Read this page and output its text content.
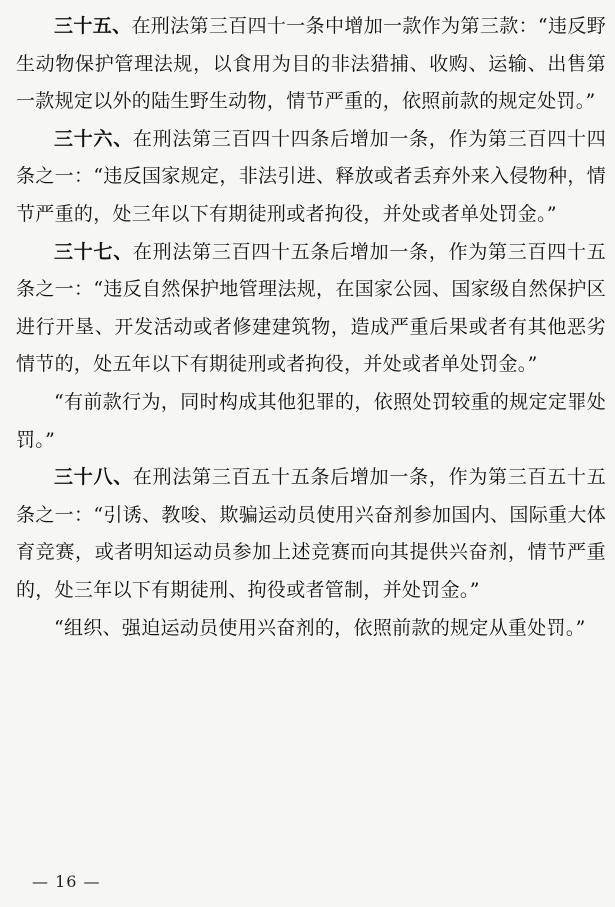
三十五、在刑法第三百四十一条中增加一款作为第三款：“违反野生动物保护管理法规，以食用为目的非法猎捕、收购、运输、出售第一款规定以外的陆生野生动物，情节严重的，依照前款的规定处罚。”

三十六、在刑法第三百四十四条后增加一条，作为第三百四十四条之一：“违反国家规定，非法引进、释放或者丢弃外来入侵物种，情节严重的，处三年以下有期徒刑或者拘役，并处或者单处罚金。”

三十七、在刑法第三百四十五条后增加一条，作为第三百四十五条之一：“违反自然保护地管理法规，在国家公园、国家级自然保护区进行开垦、开发活动或者修建建筑物，造成严重后果或者有其他恶劣情节的，处五年以下有期徒刑或者拘役，并处或者单处罚金。”

“有前款行为，同时构成其他犯罪的，依照处罚较重的规定定罪处罚。”

三十八、在刑法第三百五十五条后增加一条，作为第三百五十五条之一：“引诱、教唆、欺骗运动员使用兴奋剂参加国内、国际重大体育竞赛，或者明知运动员参加上述竞赛而向其提供兴奋剂，情节严重的，处三年以下有期徒刑、拘役或者管制，并处罚金。”

“组织、强迫运动员使用兴奋剂的，依照前款的规定从重处罚。”

— 16 —
